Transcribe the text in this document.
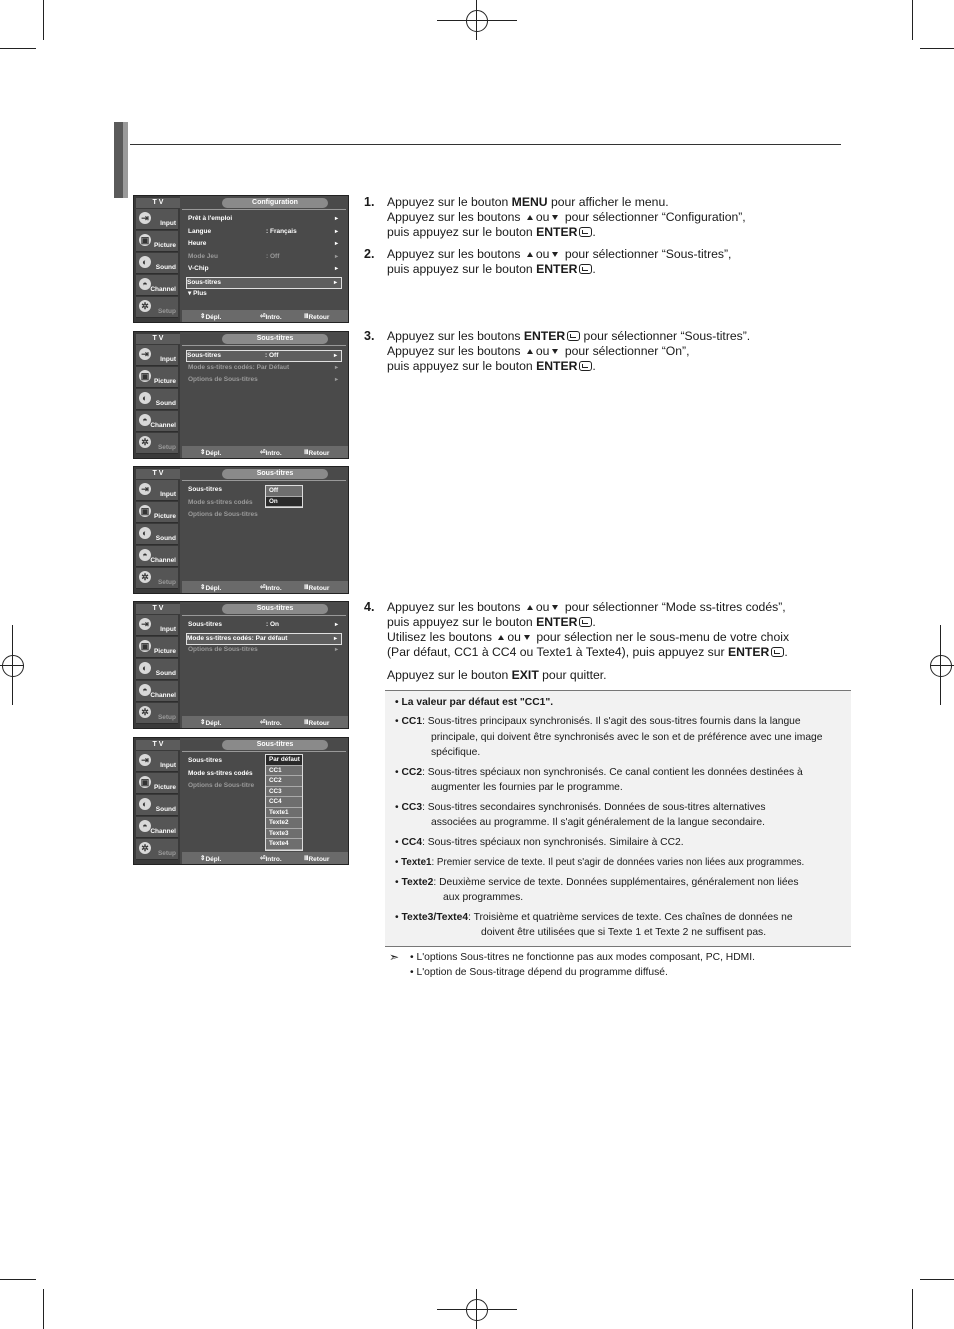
T V	Configuration
⇥
Input
▣
Picture
◐
Sound
◓
Channel
✲
Setup
Prêt à l'emploi	▸
Langue	: Français	▸
Heure	▸
Mode Jeu	: Off	▸
V-Chip	▸
Sous-titres	▸
▾ Plus
⇕ Dépl.	⏎ Intro.	Ⅲ Retour
T V	Sous-titres
⇥
Input
▣
Picture
◐
Sound
◓
Channel
✲
Setup
Sous-titres	: Off	▸
Mode ss-titres codés: Par Défaut	▸
Options de Sous-titres	▸
⇕ Dépl.	⏎ Intro.	Ⅲ Retour
T V	Sous-titres
⇥
Input
▣
Picture
◐
Sound
◓
Channel
✲
Setup
Sous-titres
Mode ss-titres codés
Options de Sous-titres
Off
On
⇕ Dépl.	⏎ Intro.	Ⅲ Retour
T V	Sous-titres
⇥
Input
▣
Picture
◐
Sound
◓
Channel
✲
Setup
Sous-titres	: On	▸
Mode ss-titres codés: Par défaut	▸
Options de Sous-titres	▸
⇕ Dépl.	⏎ Intro.	Ⅲ Retour
T V	Sous-titres
⇥
Input
▣
Picture
◐
Sound
◓
Channel
✲
Setup
Sous-titres
Mode ss-titres codés
Options de Sous-titre
Par défaut
CC1
CC2
CC3
CC4
Texte1
Texte2
Texte3
Texte4
⇕ Dépl.	⏎ Intro.	Ⅲ Retour
1. Appuyez sur le bouton MENU pour afficher le menu.
Appuyez sur les boutons ou pour sélectionner “Configuration”,
puis appuyez sur le bouton ENTER .
2. Appuyez sur les boutons ou pour sélectionner “Sous-titres”,
puis appuyez sur le bouton ENTER .
3. Appuyez sur les boutons ENTER pour sélectionner “Sous-titres”.
Appuyez sur les boutons ou pour sélectionner “On”,
puis appuyez sur le bouton ENTER .
4. Appuyez sur les boutons ou pour sélectionner “Mode ss-titres codés”,
puis appuyez sur le bouton ENTER .
Utilisez les boutons ou pour sélection ner le sous-menu de votre choix
(Par défaut, CC1 à CC4 ou Texte1 à Texte4), puis appuyez sur ENTER .
Appuyez sur le bouton EXIT pour quitter.
• La valeur par défaut est "CC1".
• CC1: Sous-titres principaux synchronisés. Il s'agit des sous-titres fournis dans la langue
principale, qui doivent être synchronisés avec le son et de préférence avec une image
spécifique.
• CC2: Sous-titres spéciaux non synchronisés. Ce canal contient les données destinées à
augmenter les fournies par le programme.
• CC3: Sous-titres secondaires synchronisés. Données de sous-titres alternatives
associées au programme. Il s'agit généralement de la langue secondaire.
• CC4: Sous-titres spéciaux non synchronisés. Similaire à CC2.
• Texte1: Premier service de texte. Il peut s'agir de données varies non liées aux programmes.
• Texte2: Deuxième service de texte. Données supplémentaires, généralement non liées
aux programmes.
• Texte3/Texte4: Troisième et quatrième services de texte. Ces chaînes de données ne
doivent être utilisées que si Texte 1 et Texte 2 ne suffisent pas.
➣ • L'options Sous-titres ne fonctionne pas aux modes composant, PC, HDMI.
• L'option de Sous-titrage dépend du programme diffusé.
